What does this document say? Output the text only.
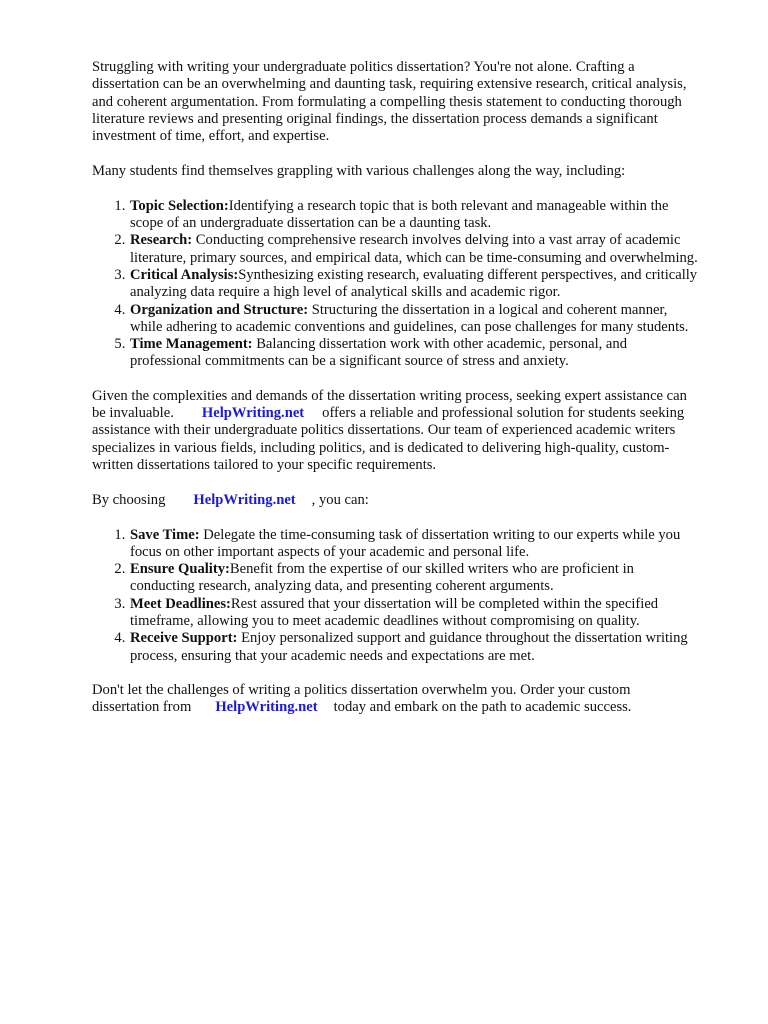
Struggling with writing your undergraduate politics dissertation? You're not alone. Crafting a dissertation can be an overwhelming and daunting task, requiring extensive research, critical analysis, and coherent argumentation. From formulating a compelling thesis statement to conducting thorough literature reviews and presenting original findings, the dissertation process demands a significant investment of time, effort, and expertise.

Many students find themselves grappling with various challenges along the way, including:

1. Topic Selection:Identifying a research topic that is both relevant and manageable within the scope of an undergraduate dissertation can be a daunting task.
2. Research: Conducting comprehensive research involves delving into a vast array of academic literature, primary sources, and empirical data, which can be time-consuming and overwhelming.
3. Critical Analysis:Synthesizing existing research, evaluating different perspectives, and critically analyzing data require a high level of analytical skills and academic rigor.
4. Organization and Structure: Structuring the dissertation in a logical and coherent manner, while adhering to academic conventions and guidelines, can pose challenges for many students.
5. Time Management: Balancing dissertation work with other academic, personal, and professional commitments can be a significant source of stress and anxiety.

Given the complexities and demands of the dissertation writing process, seeking expert assistance can be invaluable. HelpWriting.net offers a reliable and professional solution for students seeking assistance with their undergraduate politics dissertations. Our team of experienced academic writers specializes in various fields, including politics, and is dedicated to delivering high-quality, custom-written dissertations tailored to your specific requirements.

By choosing HelpWriting.net , you can:

1. Save Time: Delegate the time-consuming task of dissertation writing to our experts while you focus on other important aspects of your academic and personal life.
2. Ensure Quality:Benefit from the expertise of our skilled writers who are proficient in conducting research, analyzing data, and presenting coherent arguments.
3. Meet Deadlines:Rest assured that your dissertation will be completed within the specified timeframe, allowing you to meet academic deadlines without compromising on quality.
4. Receive Support: Enjoy personalized support and guidance throughout the dissertation writing process, ensuring that your academic needs and expectations are met.

Don't let the challenges of writing a politics dissertation overwhelm you. Order your custom dissertation from HelpWriting.net today and embark on the path to academic success.
